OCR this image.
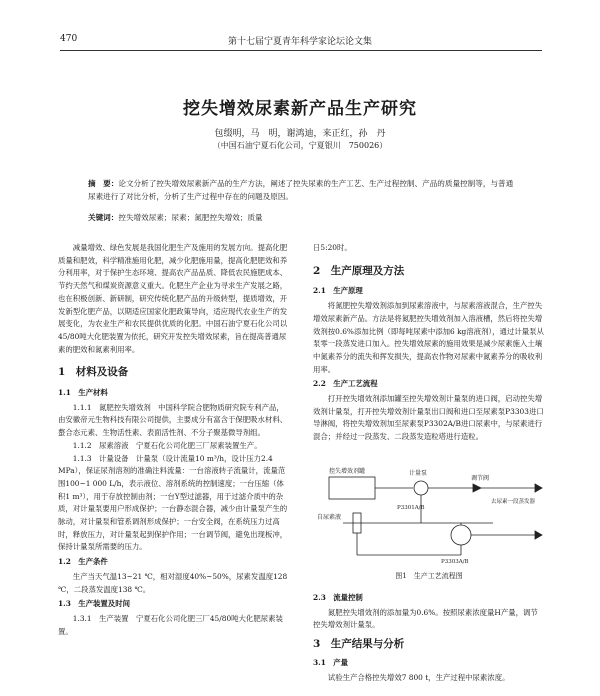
470	第十七届宁夏青年科学家论坛论文集
挖失增效尿素新产品生产研究
包缀明，马　明，谢鸿迪，来正红，孙　丹
（中国石油宁夏石化公司，宁夏银川　750026）
摘　要：论文分析了控失增效尿素新产品的生产方法，阐述了控失尿素的生产工艺、生产过程控制、产品的质量控制等，与普通尿素进行了对比分析，分析了生产过程中存在的问题及原因。
关键词：控失增效尿素；尿素；氮肥控失增效；质量

减量增效、绿色发展是我国化肥生产及施用的发展方向。提高化肥质量和肥效，科学精准施用化肥，减少化肥施用量，提高化肥肥效和养分利用率，对于保护生态环境、提高农产品品质、降低农民施肥成本、节约天然气和煤炭资源意义重大。化肥生产企业为寻求生产发展之路，也在积极创新、新研制，研究传统化肥产品的升级转型，提质增效，开发新型化肥产品，以期适应国家化肥政策导向，适应现代农业生产的发展变化，为农业生产和农民提供优质的化肥。中国石油宁夏石化公司以45/80吨大化肥装置为依托，研究开发控失增效尿素，旨在提高普通尿素的肥效和氮素利用率。

1　材料及设备
1.1　生产材料

1.1.1　氮肥控失增效剂　中国科学院合肥物质研究院专利产品，由安徽帝元生物科技有限公司提供，主要成分有富含于保肥吸水材料、螯合态元素、生物活性素、表面活性剂、不分子聚基微导剂组。

1.1.2　尿素溶液　宁夏石化公司化肥三厂尿素装置生产。

1.1.3　计量设备　计量泵（设计流量10 m³/h，设计压力2.4 MPa），保证尿剂溶剂的准确注料流量：一台溶液转子流量计，流量范围100~1 000 L/h，表示液位、溶剂系统的控制速度；一台压缩（体积1 m³），用于存放控制由剂；一台Y型过滤器，用于过滤介质中的杂质，对计量泵要用户形成保护；一台静态混合器，减少由计量泵产生的脉动，对计量泵和管系调剂形成保护；一台安全阀，在系统压力过高时，释放压力，对计量泵起到保护作用；一台调节阀，避免出现板冲，保持计量泵所需要的压力。

1.2　生产条件

生产当天气温13~21 ℃，相对湿度40%~50%，尿素发温度128 ℃，二段蒸发温度138 ℃。

1.3　生产装置及时间

1.3.1　生产装置　宁夏石化公司化肥三厂45/80吨大化肥尿素装置。

日5:20时。

2　生产原理及方法
2.1　生产原理

将氮肥控失增效剂添加到尿素溶液中，与尿素溶液混合，生产控失增效尿素新产品。方法是将氮肥控失增效剂加入溶液槽，然后将控失增效剂按0.6%添加比例（即每吨尿素中添加6 kg溶液剂），通过计量泵从泵零一段蒸发进口加入。控失增效尿素的施用效果是减少尿素施入土壤中氮素养分的流失和挥发损失，提高农作物对尿素中氮素养分的吸收利用率。

2.2　生产工艺流程

打开控失增效剂添加罐至控失增效剂计量泵的进口阀，启动控失增效剂计量泵，打开控失增效剂计量泵出口阀和进口至尿素泵P3303进口导淋阀，将控失增效剂加至尿素泵P3302A/B进口尿素中，与尿素进行混合；并经过一段蒸发、二段蒸发造粒塔进行造粒。

控失增效剂罐	计量泵
调节阀
去尿素一段蒸发器
自尿素液
P3301A/B
P3303A/B
图1　生产工艺流程图
2.3　流量控制

氮肥控失增效剂的添加量为0.6%。按照尿素浓度量H产量，调节控失增效剂计量泵。

3　生产结果与分析
3.1　产量

试验生产合格控失增效7 800 t，生产过程中尿素浓度。
